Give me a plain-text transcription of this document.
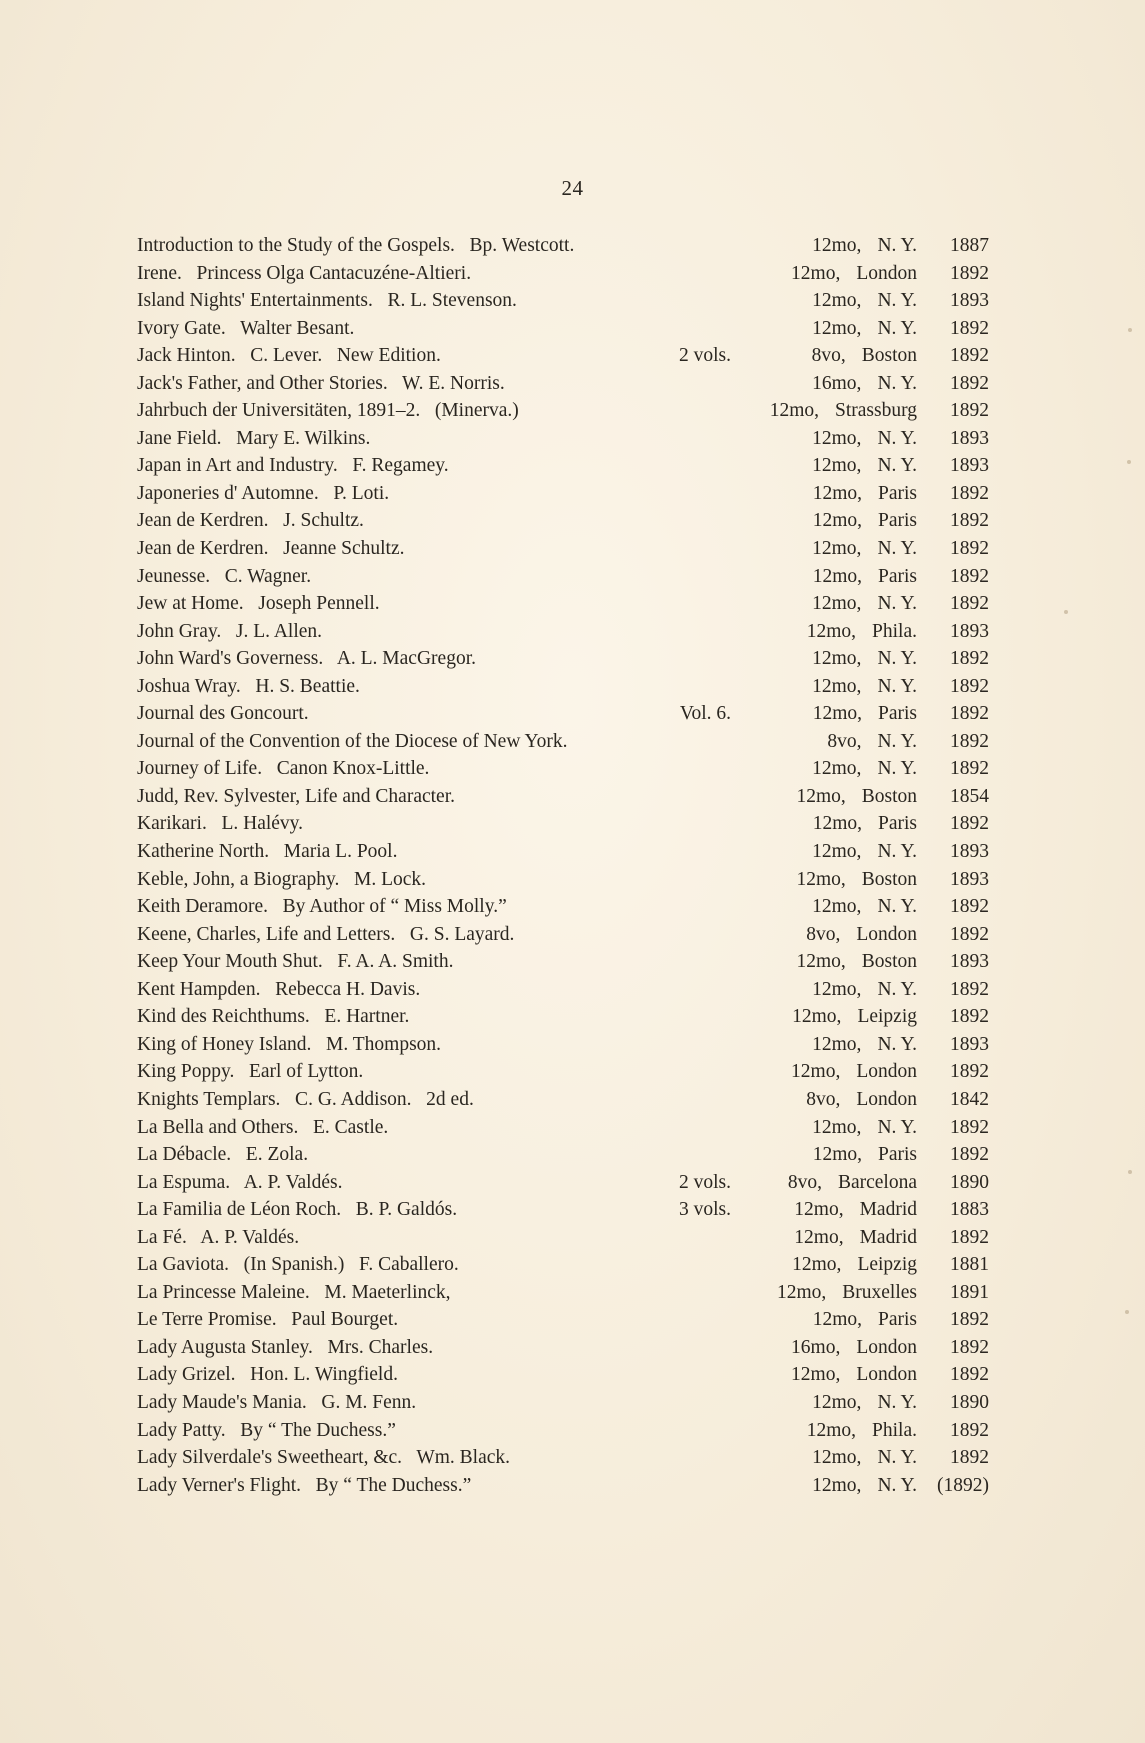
24
Introduction to the Study of the Gospels.   Bp. Westcott.	12mo, N. Y.	1887
Irene.   Princess Olga Cantacuzéne-Altieri.	12mo, London	1892
Island Nights' Entertainments.   R. L. Stevenson.	12mo, N. Y.	1893
Ivory Gate.   Walter Besant.	12mo, N. Y.	1892
Jack Hinton.   C. Lever.   New Edition.	2 vols.	8vo, Boston	1892
Jack's Father, and Other Stories.   W. E. Norris.	16mo, N. Y.	1892
Jahrbuch der Universitäten, 1891–2.   (Minerva.)	12mo, Strassburg	1892
Jane Field.   Mary E. Wilkins.	12mo, N. Y.	1893
Japan in Art and Industry.   F. Regamey.	12mo, N. Y.	1893
Japoneries d' Automne.   P. Loti.	12mo, Paris	1892
Jean de Kerdren.   J. Schultz.	12mo, Paris	1892
Jean de Kerdren.   Jeanne Schultz.	12mo, N. Y.	1892
Jeunesse.   C. Wagner.	12mo, Paris	1892
Jew at Home.   Joseph Pennell.	12mo, N. Y.	1892
John Gray.   J. L. Allen.	12mo, Phila.	1893
John Ward's Governess.   A. L. MacGregor.	12mo, N. Y.	1892
Joshua Wray.   H. S. Beattie.	12mo, N. Y.	1892
Journal des Goncourt.	Vol. 6.	12mo, Paris	1892
Journal of the Convention of the Diocese of New York.	8vo, N. Y.	1892
Journey of Life.   Canon Knox-Little.	12mo, N. Y.	1892
Judd, Rev. Sylvester, Life and Character.	12mo, Boston	1854
Karikari.   L. Halévy.	12mo, Paris	1892
Katherine North.   Maria L. Pool.	12mo, N. Y.	1893
Keble, John, a Biography.   M. Lock.	12mo, Boston	1893
Keith Deramore.   By Author of “ Miss Molly.”	12mo, N. Y.	1892
Keene, Charles, Life and Letters.   G. S. Layard.	8vo, London	1892
Keep Your Mouth Shut.   F. A. A. Smith.	12mo, Boston	1893
Kent Hampden.   Rebecca H. Davis.	12mo, N. Y.	1892
Kind des Reichthums.   E. Hartner.	12mo, Leipzig	1892
King of Honey Island.   M. Thompson.	12mo, N. Y.	1893
King Poppy.   Earl of Lytton.	12mo, London	1892
Knights Templars.   C. G. Addison.   2d ed.	8vo, London	1842
La Bella and Others.   E. Castle.	12mo, N. Y.	1892
La Débacle.   E. Zola.	12mo, Paris	1892
La Espuma.   A. P. Valdés.	2 vols.	8vo, Barcelona	1890
La Familia de Léon Roch.   B. P. Galdós.	3 vols.	12mo, Madrid	1883
La Fé.   A. P. Valdés.	12mo, Madrid	1892
La Gaviota.   (In Spanish.)   F. Caballero.	12mo, Leipzig	1881
La Princesse Maleine.   M. Maeterlinck,	12mo, Bruxelles	1891
Le Terre Promise.   Paul Bourget.	12mo, Paris	1892
Lady Augusta Stanley.   Mrs. Charles.	16mo, London	1892
Lady Grizel.   Hon. L. Wingfield.	12mo, London	1892
Lady Maude's Mania.   G. M. Fenn.	12mo, N. Y.	1890
Lady Patty.   By “ The Duchess.”	12mo, Phila.	1892
Lady Silverdale's Sweetheart, &c.   Wm. Black.	12mo, N. Y.	1892
Lady Verner's Flight.   By “ The Duchess.”	12mo, N. Y.	(1892)
